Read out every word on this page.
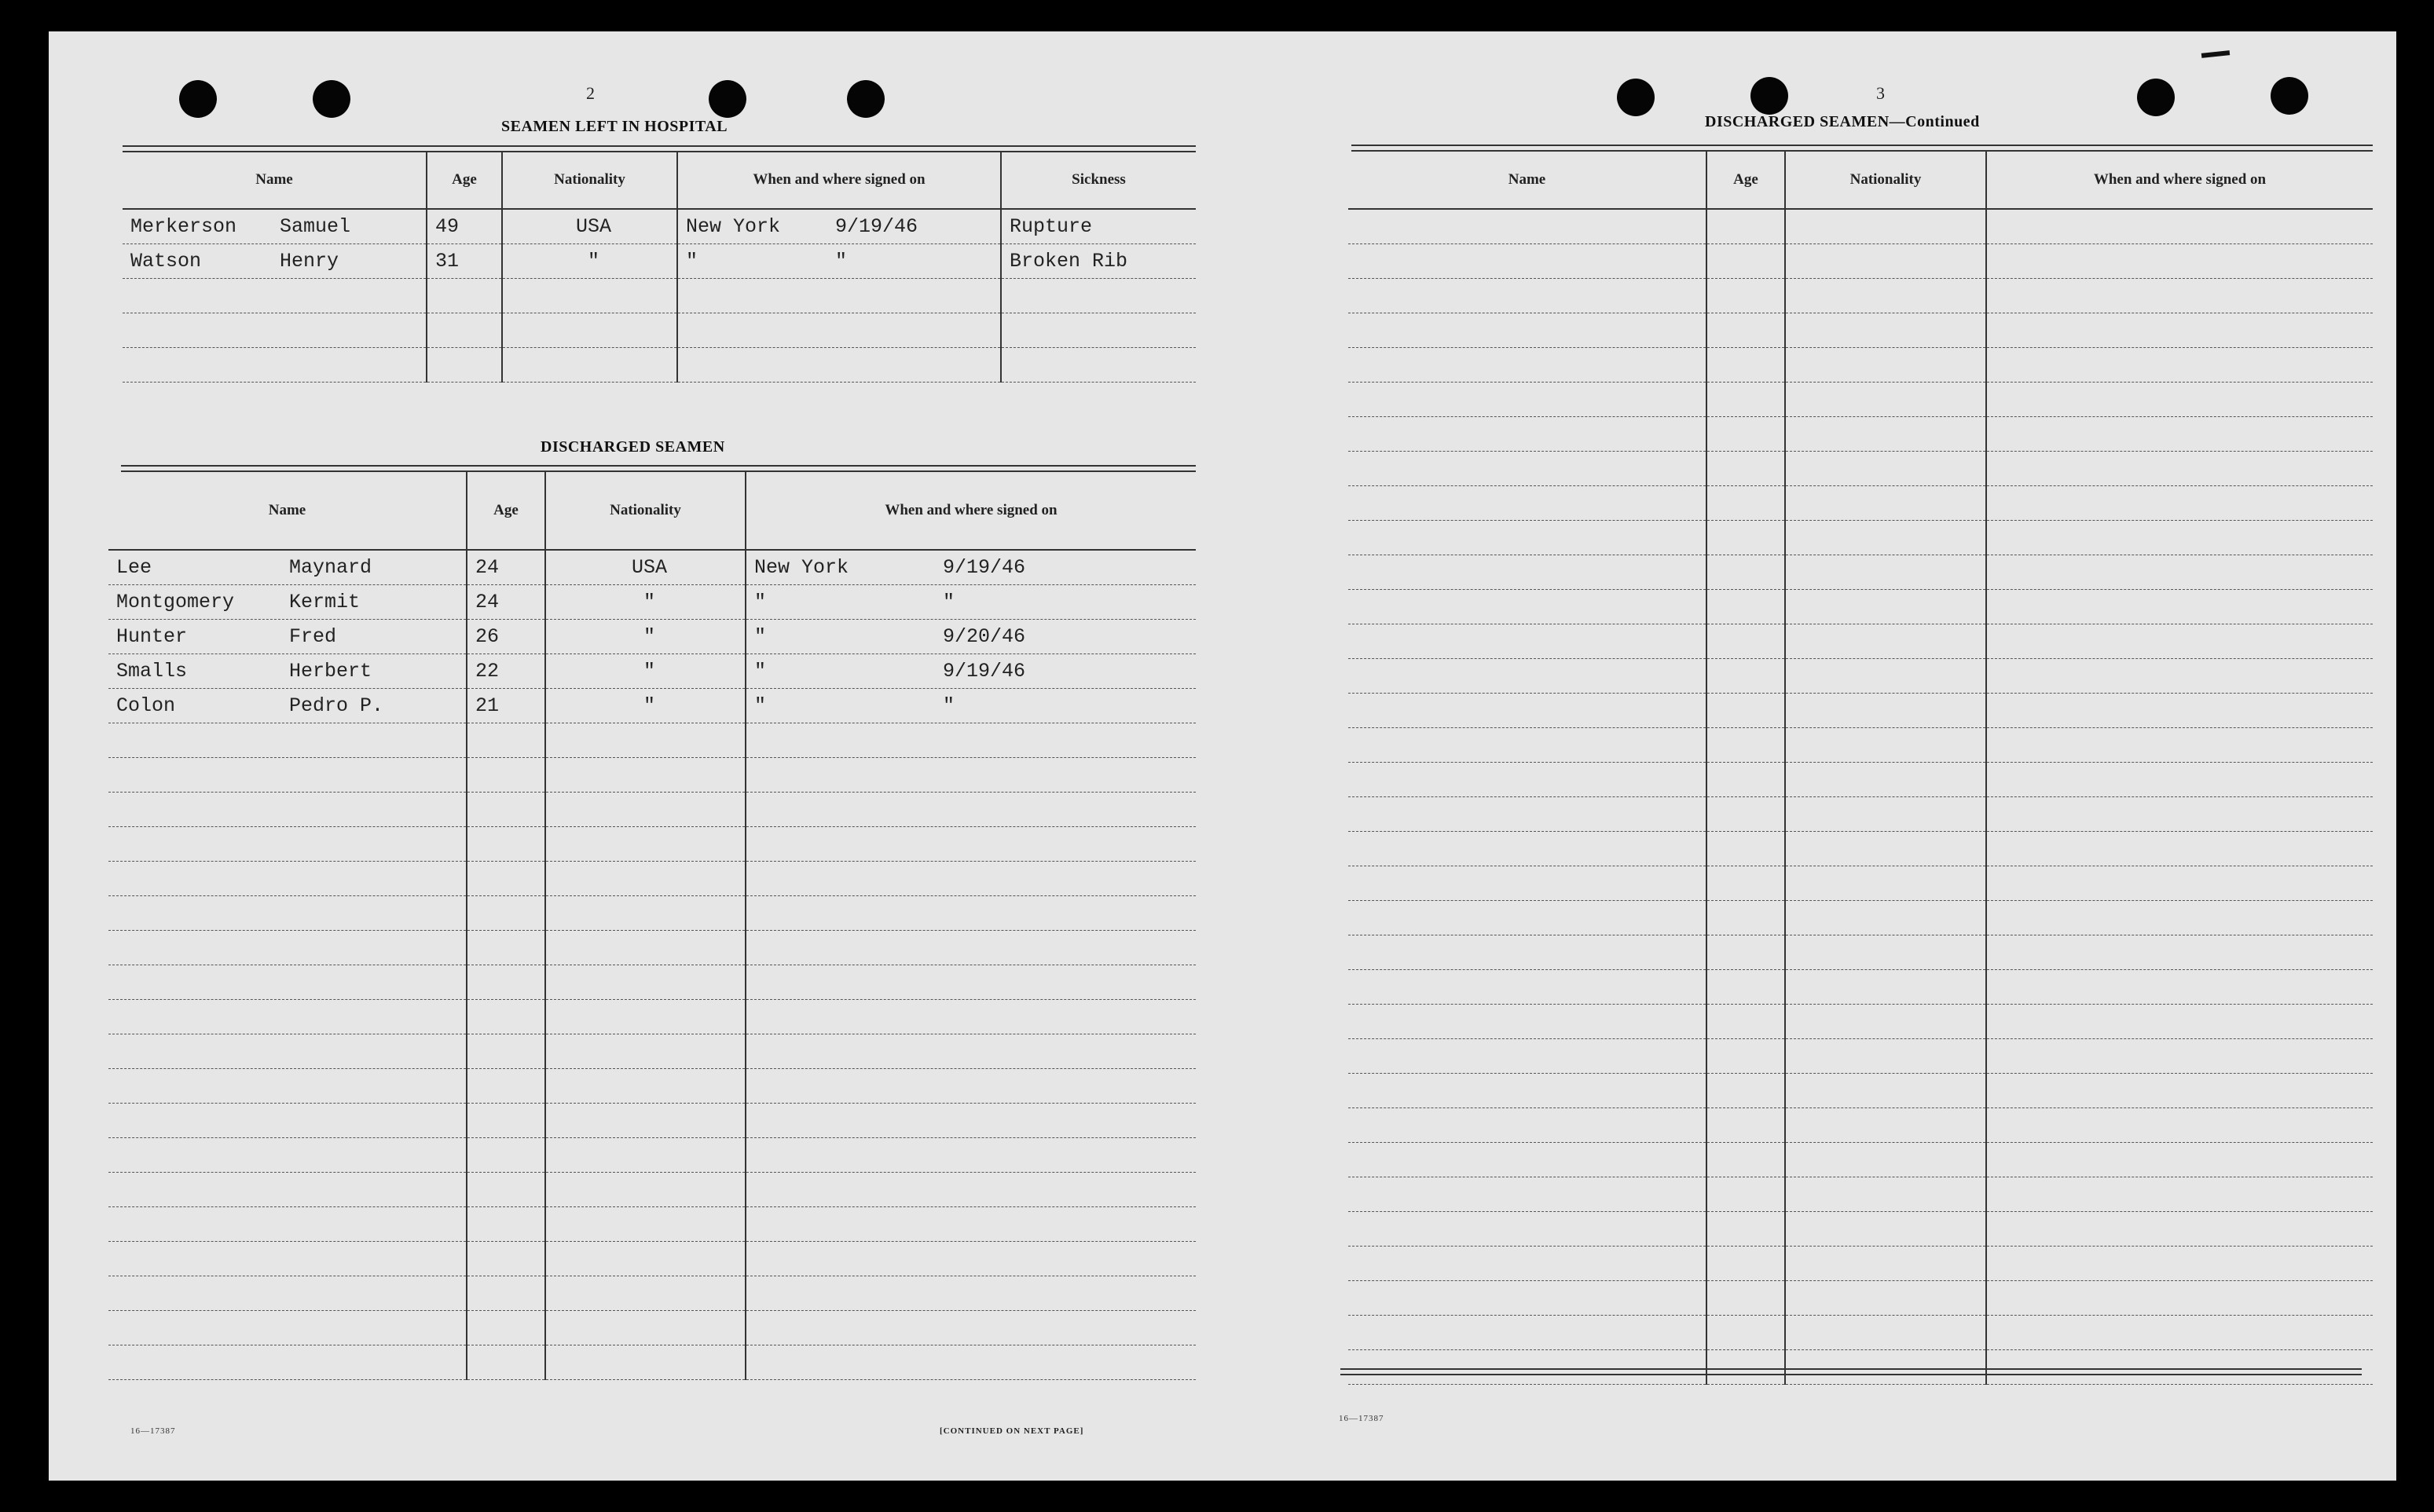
2
SEAMEN LEFT IN HOSPITAL
Name	Age	Nationality	When and where signed on	Sickness
Merkerson Samuel	49	USA	New York 9/19/46	Rupture
Watson Henry	31	"	" "	Broken Rib

DISCHARGED SEAMEN
Name	Age	Nationality	When and where signed on
Lee Maynard	24	USA	New York 9/19/46
Montgomery Kermit	24	"	" "
Hunter Fred	26	"	" 9/20/46
Smalls Herbert	22	"	" 9/19/46
Colon Pedro P.	21	"	" "

16—17387	[CONTINUED ON NEXT PAGE]
3
DISCHARGED SEAMEN—Continued
Name	Age	Nationality	When and where signed on

16—17387
